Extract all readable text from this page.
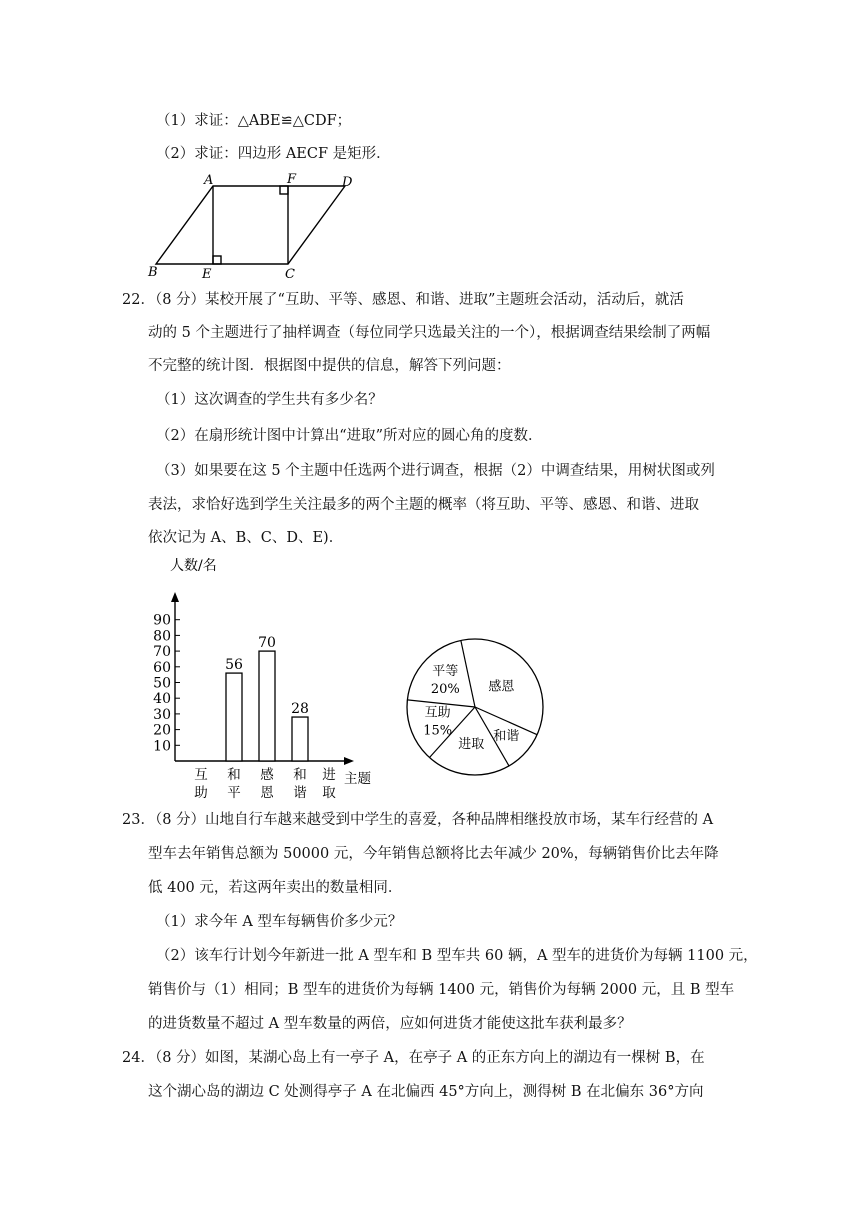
（1）求证：△ABE≌△CDF；
（2）求证：四边形 AECF 是矩形．
A	F	D
B	E	C
22．（8 分）某校开展了“互助、平等、感恩、和谐、进取”主题班会活动，活动后，就活
动的 5 个主题进行了抽样调查（每位同学只选最关注的一个），根据调查结果绘制了两幅
不完整的统计图．根据图中提供的信息，解答下列问题：
（1）这次调查的学生共有多少名？
（2）在扇形统计图中计算出“进取”所对应的圆心角的度数．
（3）如果要在这 5 个主题中任选两个进行调查，根据（2）中调查结果，用树状图或列
表法，求恰好选到学生关注最多的两个主题的概率（将互助、平等、感恩、和谐、进取
依次记为 A、B、C、D、E)．
人数/名
主题
10
20
30
40
50
60
70
80
90
互
助
和
平
56
感
恩
70
和
谐
28
进
取
感恩
和谐
进取
互助
15%
平等
20%
23．（8 分）山地自行车越来越受到中学生的喜爱，各种品牌相继投放市场，某车行经营的 A
型车去年销售总额为 50000 元，今年销售总额将比去年减少 20%，每辆销售价比去年降
低 400 元，若这两年卖出的数量相同．
（1）求今年 A 型车每辆售价多少元？
（2）该车行计划今年新进一批 A 型车和 B 型车共 60 辆，A 型车的进货价为每辆 1100 元，
销售价与（1）相同；B 型车的进货价为每辆 1400 元，销售价为每辆 2000 元，且 B 型车
的进货数量不超过 A 型车数量的两倍，应如何进货才能使这批车获利最多？
24．（8 分）如图，某湖心岛上有一亭子 A，在亭子 A 的正东方向上的湖边有一棵树 B，在
这个湖心岛的湖边 C 处测得亭子 A 在北偏西 45°方向上，测得树 B 在北偏东 36°方向
